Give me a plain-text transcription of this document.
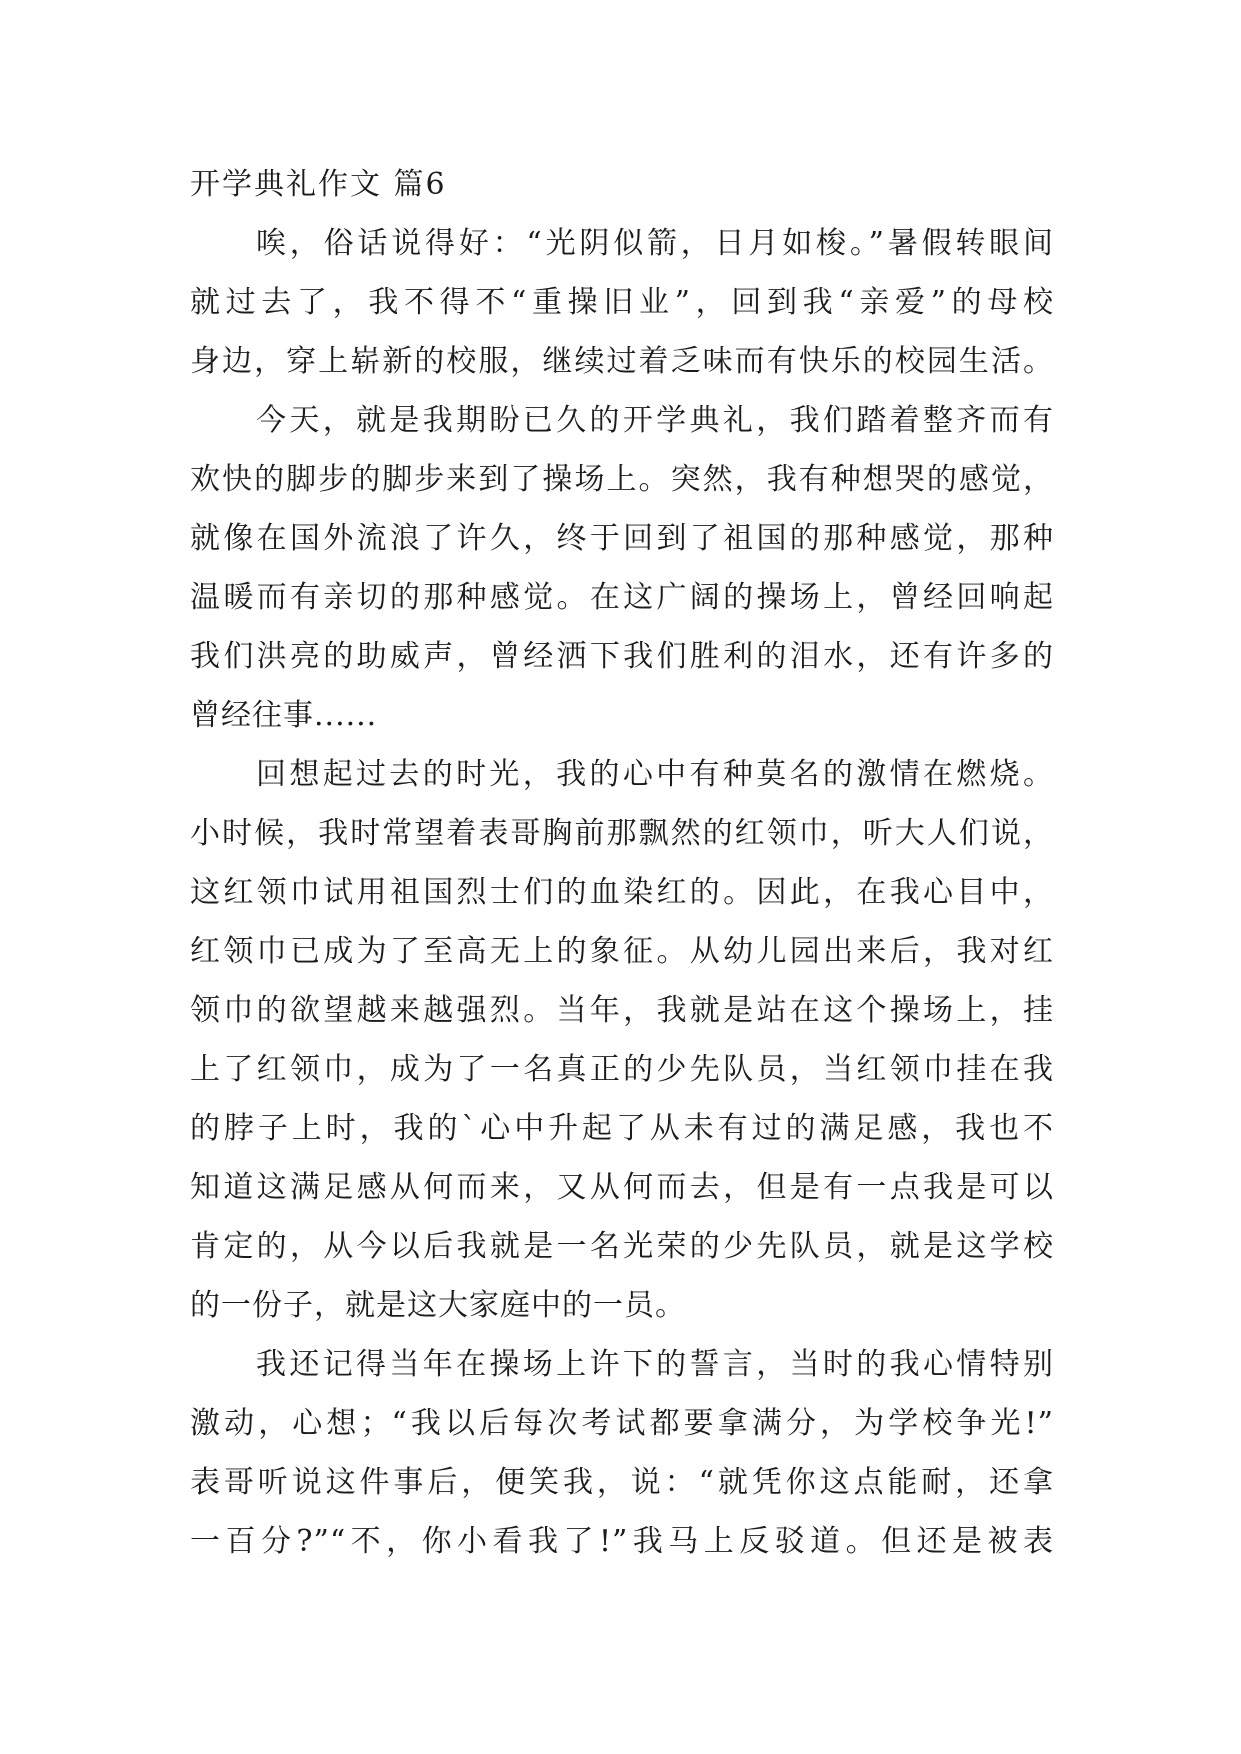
开学典礼作文 篇6
唉，俗话说得好：“光阴似箭，日月如梭。”暑假转眼间
就过去了，我不得不“重操旧业”，回到我“亲爱”的母校
身边，穿上崭新的校服，继续过着乏味而有快乐的校园生活。
今天，就是我期盼已久的开学典礼，我们踏着整齐而有
欢快的脚步的脚步来到了操场上。突然，我有种想哭的感觉，
就像在国外流浪了许久，终于回到了祖国的那种感觉，那种
温暖而有亲切的那种感觉。在这广阔的操场上，曾经回响起
我们洪亮的助威声，曾经洒下我们胜利的泪水，还有许多的
曾经往事......
回想起过去的时光，我的心中有种莫名的激情在燃烧。
小时候，我时常望着表哥胸前那飘然的红领巾，听大人们说，
这红领巾试用祖国烈士们的血染红的。因此，在我心目中，
红领巾已成为了至高无上的象征。从幼儿园出来后，我对红
领巾的欲望越来越强烈。当年，我就是站在这个操场上，挂
上了红领巾，成为了一名真正的少先队员，当红领巾挂在我
的脖子上时，我的`心中升起了从未有过的满足感，我也不
知道这满足感从何而来，又从何而去，但是有一点我是可以
肯定的，从今以后我就是一名光荣的少先队员，就是这学校
的一份子，就是这大家庭中的一员。
我还记得当年在操场上许下的誓言，当时的我心情特别
激动，心想；“我以后每次考试都要拿满分，为学校争光!”
表哥听说这件事后，便笑我，说：“就凭你这点能耐，还拿
一百分?”“不，你小看我了!”我马上反驳道。但还是被表
